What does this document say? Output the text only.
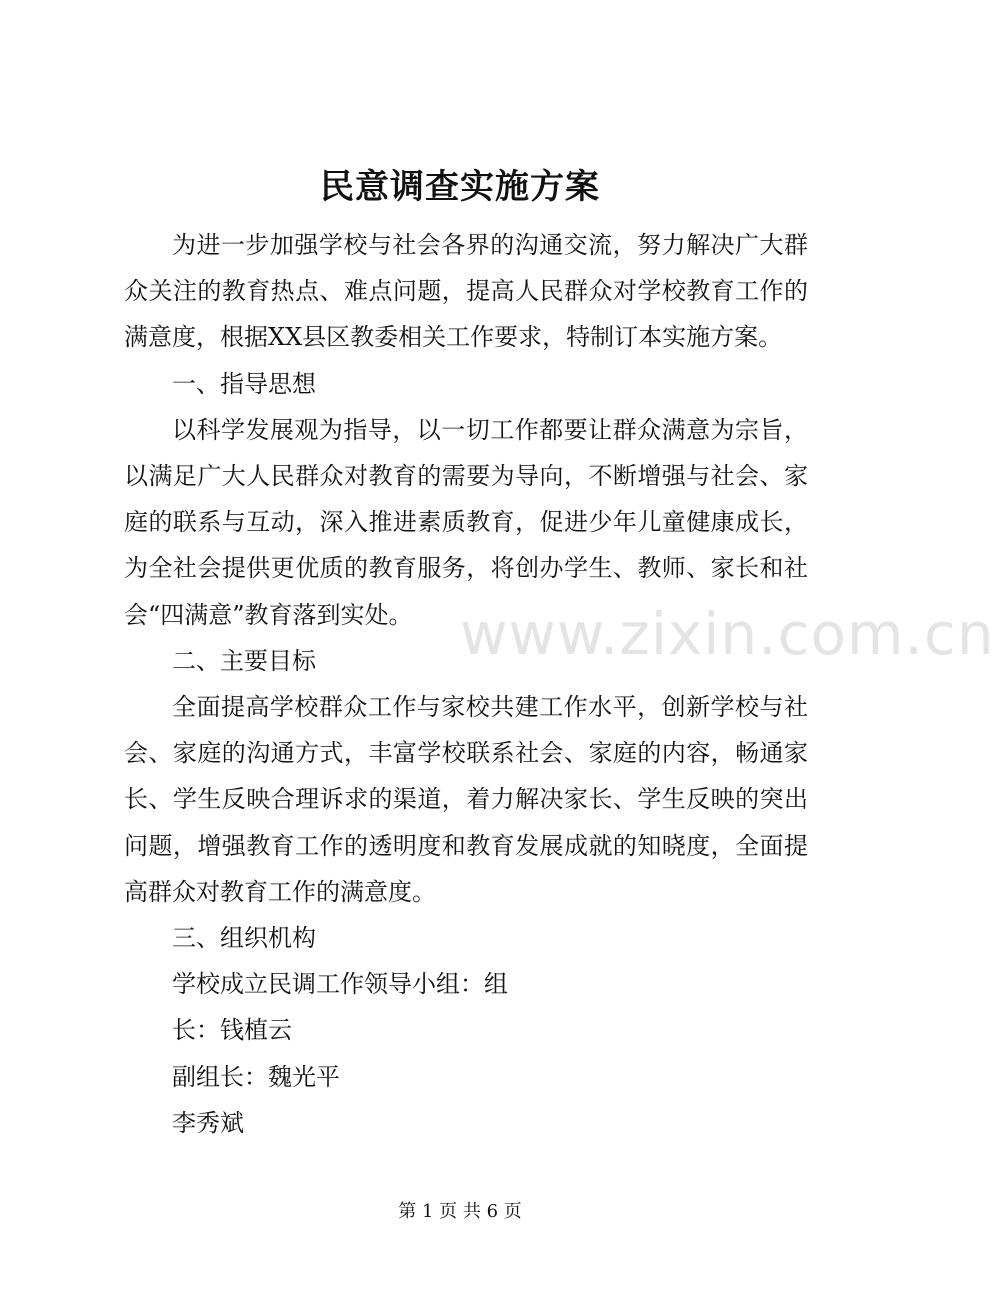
民意调查实施方案

为进一步加强学校与社会各界的沟通交流，努力解决广大群众关注的教育热点、难点问题，提高人民群众对学校教育工作的满意度，根据XX县区教委相关工作要求，特制订本实施方案。

一、指导思想

以科学发展观为指导，以一切工作都要让群众满意为宗旨，以满足广大人民群众对教育的需要为导向，不断增强与社会、家庭的联系与互动，深入推进素质教育，促进少年儿童健康成长，为全社会提供更优质的教育服务，将创办学生、教师、家长和社会“四满意”教育落到实处。

二、主要目标

全面提高学校群众工作与家校共建工作水平，创新学校与社会、家庭的沟通方式，丰富学校联系社会、家庭的内容，畅通家长、学生反映合理诉求的渠道，着力解决家长、学生反映的突出问题，增强教育工作的透明度和教育发展成就的知晓度，全面提高群众对教育工作的满意度。

三、组织机构

学校成立民调工作领导小组：组

长：钱植云

副组长：魏光平

李秀斌

www.zixin.com.cn
第 1 页 共 6 页
